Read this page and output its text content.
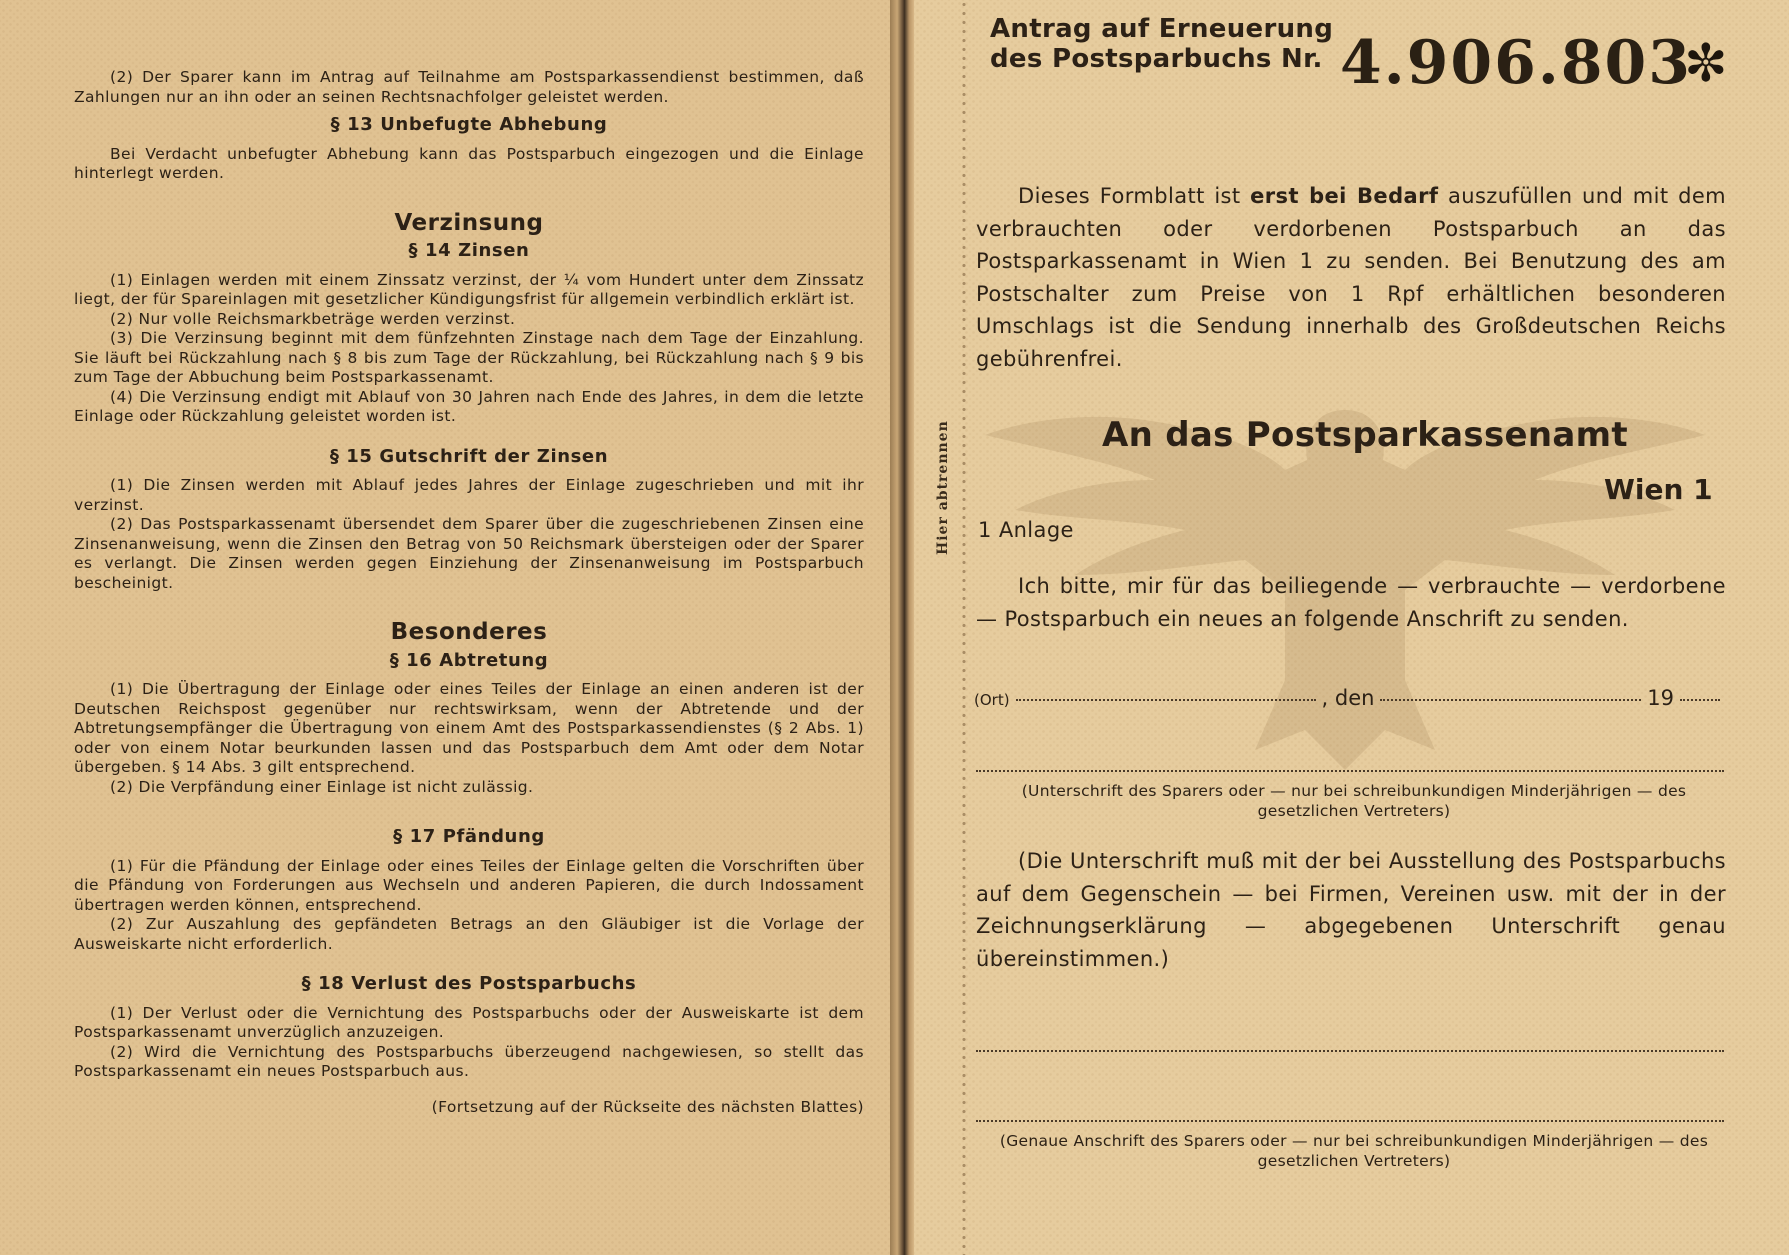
Hier abtrennen

(2) Der Sparer kann im Antrag auf Teilnahme am Postsparkassendienst bestimmen, daß Zahlungen nur an ihn oder an seinen Rechtsnachfolger geleistet werden.

§ 13 Unbefugte Abhebung

Bei Verdacht unbefugter Abhebung kann das Postsparbuch eingezogen und die Einlage hinterlegt werden.

Verzinsung
§ 14 Zinsen

(1) Einlagen werden mit einem Zinssatz verzinst, der ¼ vom Hundert unter dem Zinssatz liegt, der für Spareinlagen mit gesetzlicher Kündigungsfrist für allgemein verbindlich erklärt ist.

(2) Nur volle Reichsmarkbeträge werden verzinst.

(3) Die Verzinsung beginnt mit dem fünfzehnten Zinstage nach dem Tage der Einzahlung. Sie läuft bei Rückzahlung nach § 8 bis zum Tage der Rückzahlung, bei Rückzahlung nach § 9 bis zum Tage der Abbuchung beim Postsparkassenamt.

(4) Die Verzinsung endigt mit Ablauf von 30 Jahren nach Ende des Jahres, in dem die letzte Einlage oder Rückzahlung geleistet worden ist.

§ 15 Gutschrift der Zinsen

(1) Die Zinsen werden mit Ablauf jedes Jahres der Einlage zugeschrieben und mit ihr verzinst.

(2) Das Postsparkassenamt übersendet dem Sparer über die zugeschriebenen Zinsen eine Zinsenanweisung, wenn die Zinsen den Betrag von 50 Reichsmark übersteigen oder der Sparer es verlangt. Die Zinsen werden gegen Einziehung der Zinsenanweisung im Postsparbuch bescheinigt.

Besonderes
§ 16 Abtretung

(1) Die Übertragung der Einlage oder eines Teiles der Einlage an einen anderen ist der Deutschen Reichspost gegenüber nur rechtswirksam, wenn der Abtretende und der Abtretungsempfänger die Übertragung von einem Amt des Postsparkassendienstes (§ 2 Abs. 1) oder von einem Notar beurkunden lassen und das Postsparbuch dem Amt oder dem Notar übergeben. § 14 Abs. 3 gilt entsprechend.

(2) Die Verpfändung einer Einlage ist nicht zulässig.

§ 17 Pfändung

(1) Für die Pfändung der Einlage oder eines Teiles der Einlage gelten die Vorschriften über die Pfändung von Forderungen aus Wechseln und anderen Papieren, die durch Indossament übertragen werden können, entsprechend.

(2) Zur Auszahlung des gepfändeten Betrags an den Gläubiger ist die Vorlage der Ausweiskarte nicht erforderlich.

§ 18 Verlust des Postsparbuchs

(1) Der Verlust oder die Vernichtung des Postsparbuchs oder der Ausweiskarte ist dem Postsparkassenamt unverzüglich anzuzeigen.

(2) Wird die Vernichtung des Postsparbuchs überzeugend nachgewiesen, so stellt das Postsparkassenamt ein neues Postsparbuch aus.

(Fortsetzung auf der Rückseite des nächsten Blattes)
Antrag auf Erneuerung
des Postsparbuchs Nr. 4.906.803
✼
Dieses Formblatt ist erst bei Bedarf auszufüllen und mit dem verbrauchten oder verdorbenen Postsparbuch an das Postsparkassenamt in Wien 1 zu senden. Bei Benutzung des am Postschalter zum Preise von 1 Rpf erhältlichen besonderen Umschlags ist die Sendung innerhalb des Großdeutschen Reichs gebührenfrei.
An das Postsparkassenamt
Wien 1
1 Anlage
Ich bitte, mir für das beiliegende — verbrauchte — verdorbene — Postsparbuch ein neues an folgende Anschrift zu senden.
(Ort)	, den	19
(Unterschrift des Sparers oder — nur bei schreibunkundigen Minderjährigen — des gesetzlichen Vertreters)
(Die Unterschrift muß mit der bei Ausstellung des Postsparbuchs auf dem Gegenschein — bei Firmen, Vereinen usw. mit der in der Zeichnungserklärung — abgegebenen Unterschrift genau übereinstimmen.)
(Genaue Anschrift des Sparers oder — nur bei schreibunkundigen Minderjährigen — des gesetzlichen Vertreters)
